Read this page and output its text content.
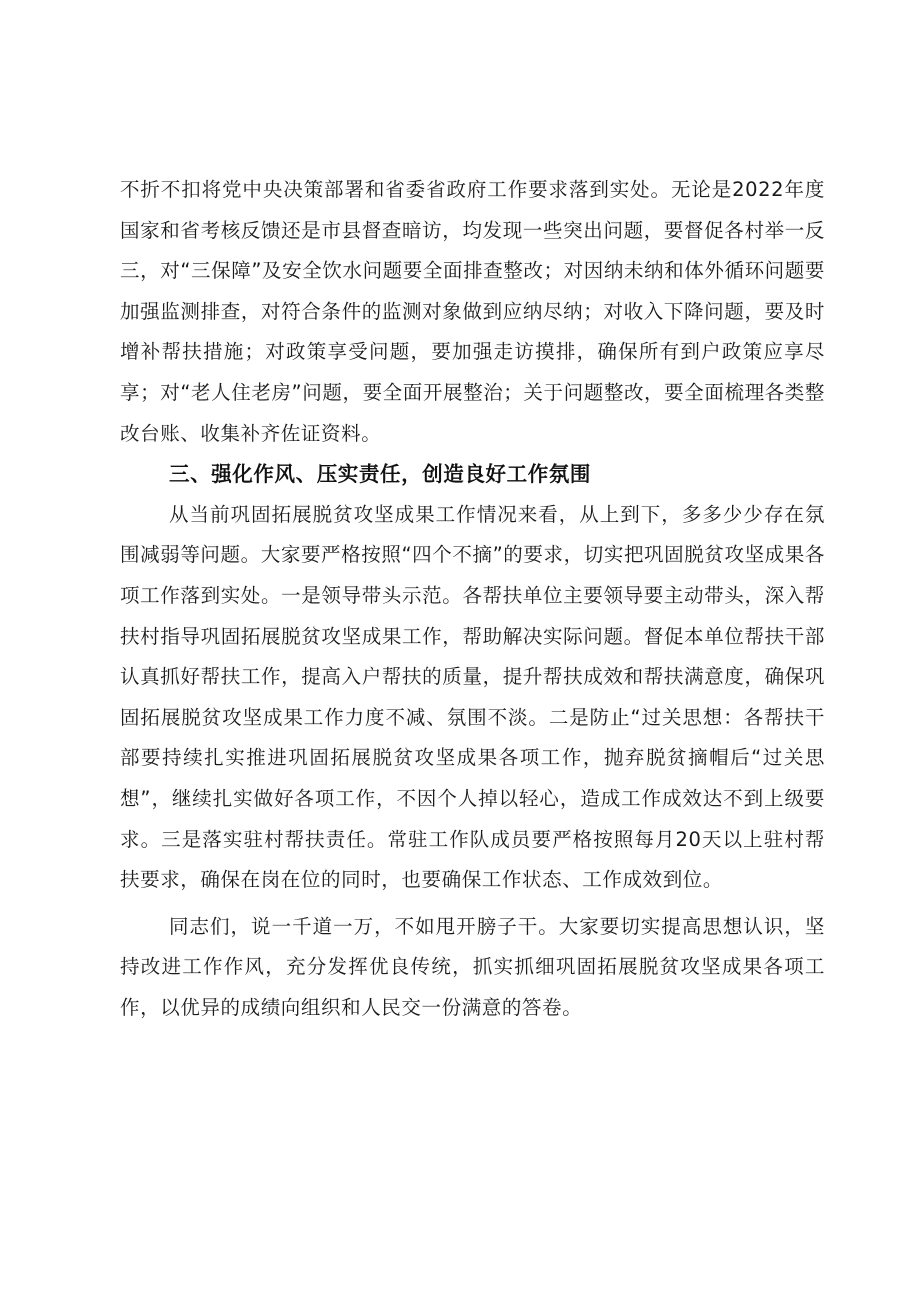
不折不扣将党中央决策部署和省委省政府工作要求落到实处。无论是2022年度国家和省考核反馈还是市县督查暗访，均发现一些突出问题，要督促各村举一反三，对“三保障”及安全饮水问题要全面排查整改；对因纳未纳和体外循环问题要加强监测排查，对符合条件的监测对象做到应纳尽纳；对收入下降问题，要及时增补帮扶措施；对政策享受问题，要加强走访摸排，确保所有到户政策应享尽享；对“老人住老房”问题，要全面开展整治；关于问题整改，要全面梳理各类整改台账、收集补齐佐证资料。

三、强化作风、压实责任，创造良好工作氛围

从当前巩固拓展脱贫攻坚成果工作情况来看，从上到下，多多少少存在氛围减弱等问题。大家要严格按照“四个不摘”的要求，切实把巩固脱贫攻坚成果各项工作落到实处。一是领导带头示范。各帮扶单位主要领导要主动带头，深入帮扶村指导巩固拓展脱贫攻坚成果工作，帮助解决实际问题。督促本单位帮扶干部认真抓好帮扶工作，提高入户帮扶的质量，提升帮扶成效和帮扶满意度，确保巩固拓展脱贫攻坚成果工作力度不减、氛围不淡。二是防止“过关思想：各帮扶干部要持续扎实推进巩固拓展脱贫攻坚成果各项工作，抛弃脱贫摘帽后“过关思想”，继续扎实做好各项工作，不因个人掉以轻心，造成工作成效达不到上级要求。三是落实驻村帮扶责任。常驻工作队成员要严格按照每月20天以上驻村帮扶要求，确保在岗在位的同时，也要确保工作状态、工作成效到位。

同志们，说一千道一万，不如甩开膀子干。大家要切实提高思想认识，坚持改进工作作风，充分发挥优良传统，抓实抓细巩固拓展脱贫攻坚成果各项工作，以优异的成绩向组织和人民交一份满意的答卷。
